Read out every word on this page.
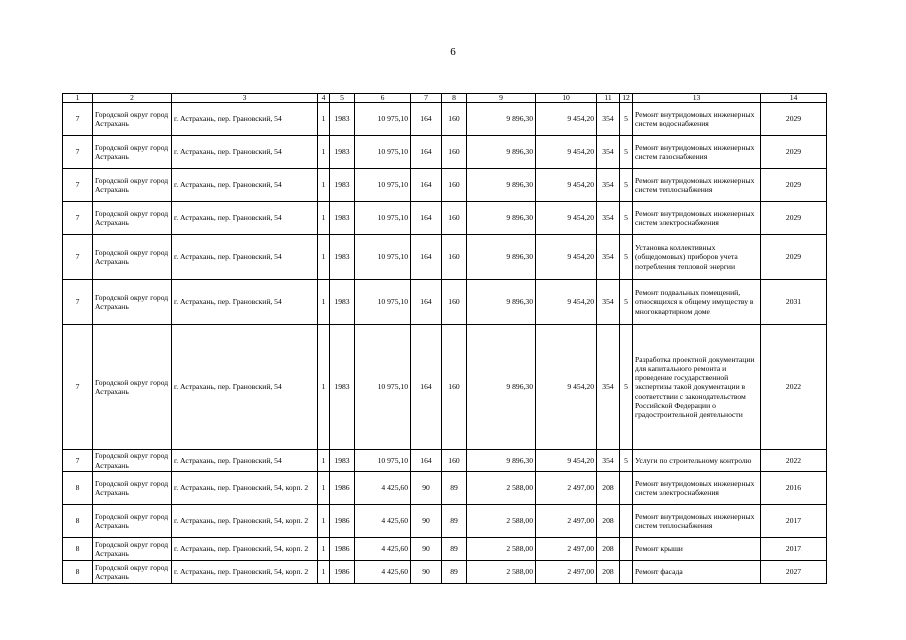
6
1	2	3	4	5	6	7	8	9	10	11	12	13	14
7	Городской округ город Астрахань	г. Астрахань, пер. Грановский, 54	1	1983	10 975,10	164	160	9 896,30	9 454,20	354	5	Ремонт внутридомовых инженерных систем водоснабжения	2029
7	Городской округ город Астрахань	г. Астрахань, пер. Грановский, 54	1	1983	10 975,10	164	160	9 896,30	9 454,20	354	5	Ремонт внутридомовых инженерных систем газоснабжения	2029
7	Городской округ город Астрахань	г. Астрахань, пер. Грановский, 54	1	1983	10 975,10	164	160	9 896,30	9 454,20	354	5	Ремонт внутридомовых инженерных систем теплоснабжения	2029
7	Городской округ город Астрахань	г. Астрахань, пер. Грановский, 54	1	1983	10 975,10	164	160	9 896,30	9 454,20	354	5	Ремонт внутридомовых инженерных систем электроснабжения	2029
7	Городской округ город Астрахань	г. Астрахань, пер. Грановский, 54	1	1983	10 975,10	164	160	9 896,30	9 454,20	354	5	Установка коллективных (общедомовых) приборов учета потребления тепловой энергии	2029
7	Городской округ город Астрахань	г. Астрахань, пер. Грановский, 54	1	1983	10 975,10	164	160	9 896,30	9 454,20	354	5	Ремонт подвальных помещений, относящихся к общему имуществу в многоквартирном доме	2031
7	Городской округ город Астрахань	г. Астрахань, пер. Грановский, 54	1	1983	10 975,10	164	160	9 896,30	9 454,20	354	5	Разработка проектной документации для капитального ремонта и проведение государственной экспертизы такой документации в соответствии с законодательством Российской Федерации о градостроительной деятельности	2022
7	Городской округ город Астрахань	г. Астрахань, пер. Грановский, 54	1	1983	10 975,10	164	160	9 896,30	9 454,20	354	5	Услуги по строительному контролю	2022
8	Городской округ город Астрахань	г. Астрахань, пер. Грановский, 54, корп. 2	1	1986	4 425,60	90	89	2 588,00	2 497,00	208		Ремонт внутридомовых инженерных систем электроснабжения	2016
8	Городской округ город Астрахань	г. Астрахань, пер. Грановский, 54, корп. 2	1	1986	4 425,60	90	89	2 588,00	2 497,00	208		Ремонт внутридомовых инженерных систем теплоснабжения	2017
8	Городской округ город Астрахань	г. Астрахань, пер. Грановский, 54, корп. 2	1	1986	4 425,60	90	89	2 588,00	2 497,00	208		Ремонт крыши	2017
8	Городской округ город Астрахань	г. Астрахань, пер. Грановский, 54, корп. 2	1	1986	4 425,60	90	89	2 588,00	2 497,00	208		Ремонт фасада	2027
